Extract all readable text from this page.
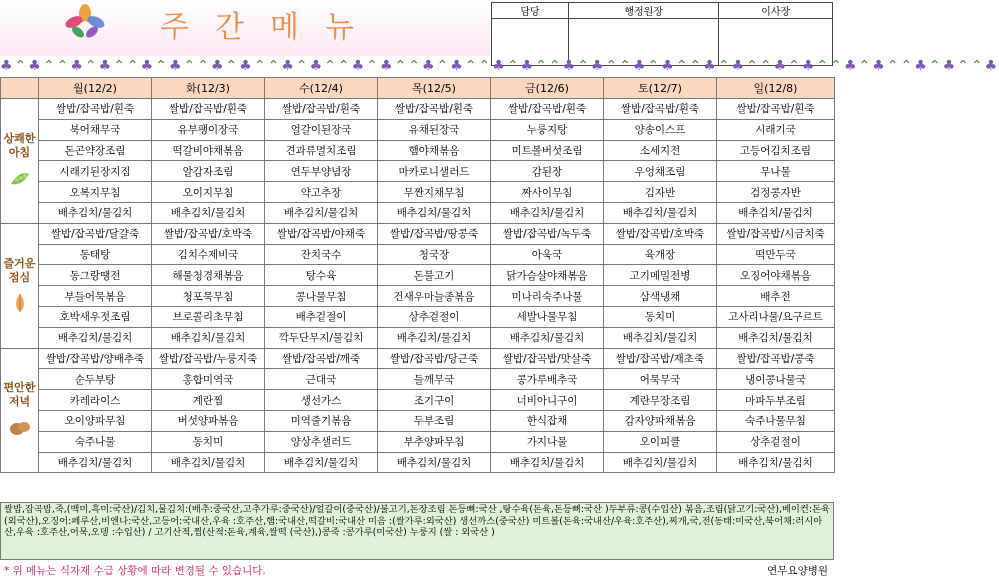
주간메뉴	담당	행정원장	이사장

♣⌃♣⌃⌃♣⌃♣⌃⌃♣⌃♣⌃⌃♣⌃♣⌃⌃♣⌃♣⌃⌃♣⌃♣⌃⌃♣⌃♣⌃⌃♣⌃♣⌃⌃♣⌃♣⌃⌃♣⌃♣⌃⌃♣⌃♣⌃⌃♣⌃♣⌃⌃♣⌃♣⌃⌃♣⌃♣⌃⌃♣
	월(12/2)	화(12/3)	수(12/4)	목(12/5)	금(12/6)	토(12/7)	일(12/8)

상쾌한
아침	쌀밥/잡곡밥/흰죽	쌀밥/잡곡밥/흰죽	쌀밥/잡곡밥/흰죽	쌀밥/잡곡밥/흰죽	쌀밥/잡곡밥/흰죽	쌀밥/잡곡밥/흰죽	쌀밥/잡곡밥/흰죽
	북어채무국	유부팽이장국	얼갈이된장국	유채된장국	누룽지탕	양송이스프	시래기국
	돈곤약장조림	떡갈비야채볶음	견과류멸치조림	햄야채볶음	미트볼버섯조림	소세지전	고등어김치조림
	시래기된장지짐	알감자조림	연두부양념장	마카로니샐러드	감된장	우엉채조림	무나물
	오복지무침	오이지무침	약고추장	무짠지채무침	짜사이무침	김자반	검정콩자반
	배추김치/물김치	배추김치/물김치	배추김치/물김치	배추김치/물김치	배추김치/물김치	배추김치/물김치	배추김치/물김치

즐거운
점심	쌀밥/잡곡밥/달걀죽	쌀밥/잡곡밥/호박죽	쌀밥/잡곡밥/야채죽	쌀밥/잡곡밥/땅콩죽	쌀밥/잡곡밥/녹두죽	쌀밥/잡곡밥/호박죽	쌀밥/잡곡밥/시금치죽
	동태탕	김치수제비국	잔치국수	청국장	아욱국	육개장	떡만두국
	동그랑땡전	해물청경채볶음	탕수육	돈불고기	닭가슴살야채볶음	고기메밀전병	오징어야채볶음
	부들어묵볶음	청포묵무침	콩나물무침	건새우마늘종볶음	미나리숙주나물	삼색냉채	배추전
	호박새우젓조림	브로콜리초무침	배추겉절이	상추겉절이	세발나물무침	동치미	고사리나물/요구르트
	배추김치/물김치	배추김치/물김치	깍두단무지/물김치	배추김치/물김치	배추김치/물김치	배추김치/물김치	배추김치/물김치

편안한
저녁	쌀밥/잡곡밥/양배추죽	쌀밥/잡곡밥/누룽지죽	쌀밥/잡곡밥/깨죽	쌀밥/잡곡밥/당근죽	쌀밥/잡곡밥/맛살죽	쌀밥/잡곡밥/재초죽	쌀밥/잡곡밥/콩죽
	순두부탕	홍합미역국	근대국	들깨무국	콩가루배추국	어묵무국	냉이콩나물국
	카레라이스	계란찜	생선가스	조기구이	너비아니구이	계란무장조림	마파두부조림
	오이양파무침	버섯양파볶음	미역줄기볶음	두부조림	한식잡채	감자양파채볶음	숙주나물무침
	숙주나물	동치미	양상추샐러드	부추양파무침	가지나물	오이피클	상추겉절이
	배추김치/물김치	배추김치/물김치	배추김치/물김치	배추김치/물김치	배추김치/물김치	배추김치/물김치	배추김치/물김치
쌀밥,잡곡밥,죽,(백미,흑미:국산)/김치,물김치:(배추:중국산,고추가루:중국산)/얼갈이(중국산)/불고기,돈장조림 돈등뼈:국산 ,탕수육(돈육,돈등뼈:국산 )두부류:콩(수입산) 볶음,조림(닭고기:국산),베이컨:돈육(외국산),오징어:페루산,비엔나:국산,고등어:국내산,우육 :호주산,햄:국내산,떡갈비:국내산 미음 :(쌀가루:외국산) 생선까스(중국산) 미트볼(돈육:국내산/우육:호주산),찌개,국,전(동태:미국산,북어채:러시아산,우육 :호주산,어묵,오뎅 :수입산) / 고기산적,찜(산적:돈육,계육,쌀떡 (국산),)콩죽 :콩가루(미국산) 누룽지 (쌀 : 외국산 )
* 위 메뉴는 식자재 수급 상황에 따라 변경될 수 있습니다.	연무요양병원
